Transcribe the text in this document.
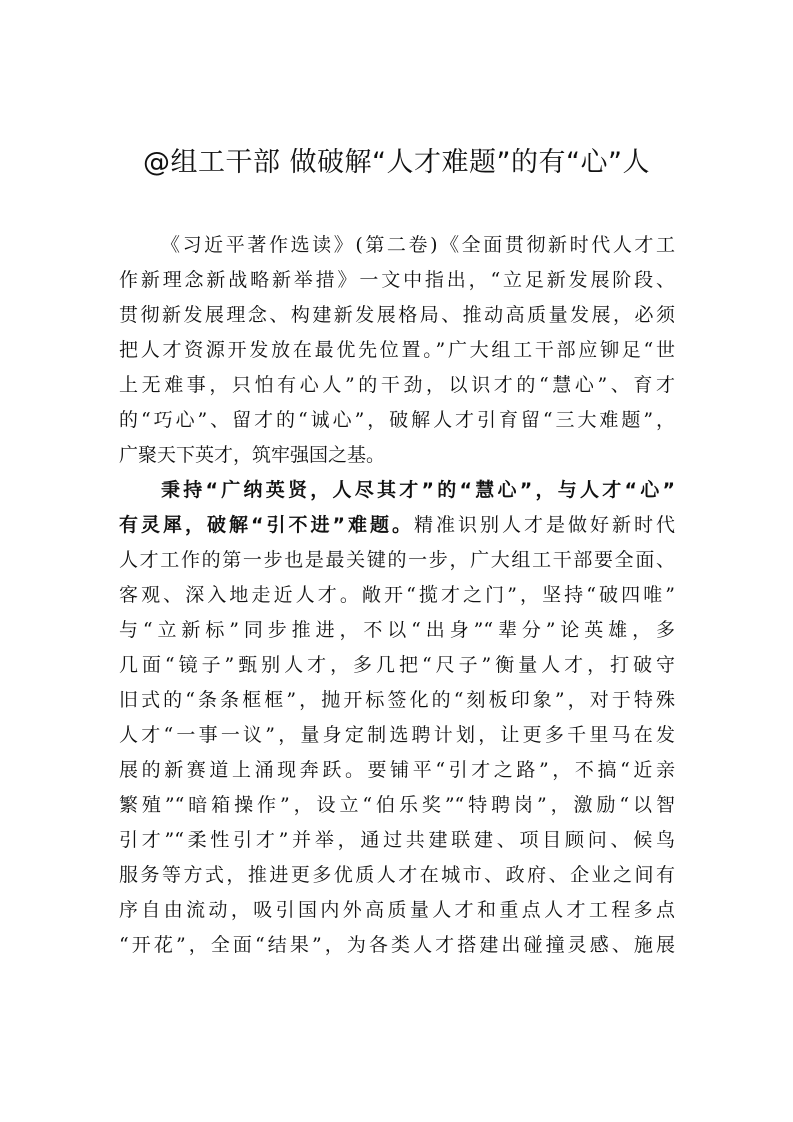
@组工干部 做破解“人才难题”的有“心”人
《习近平著作选读》(第二卷)《全面贯彻新时代人才工
作新理念新战略新举措》一文中指出，“立足新发展阶段、
贯彻新发展理念、构建新发展格局、推动高质量发展，必须
把人才资源开发放在最优先位置。”广大组工干部应铆足“世
上无难事，只怕有心人”的干劲，以识才的“慧心”、育才
的“巧心”、留才的“诚心”，破解人才引育留“三大难题”，
广聚天下英才，筑牢强国之基。
秉持“广纳英贤，人尽其才”的“慧心”，与人才“心”
有灵犀，破解“引不进”难题。精准识别人才是做好新时代
人才工作的第一步也是最关键的一步，广大组工干部要全面、
客观、深入地走近人才。敞开“揽才之门”，坚持“破四唯”
与“立新标”同步推进，不以“出身”“辈分”论英雄，多
几面“镜子”甄别人才，多几把“尺子”衡量人才，打破守
旧式的“条条框框”，抛开标签化的“刻板印象”，对于特殊
人才“一事一议”，量身定制选聘计划，让更多千里马在发
展的新赛道上涌现奔跃。要铺平“引才之路”，不搞“近亲
繁殖”“暗箱操作”，设立“伯乐奖”“特聘岗”，激励“以智
引才”“柔性引才”并举，通过共建联建、项目顾问、候鸟
服务等方式，推进更多优质人才在城市、政府、企业之间有
序自由流动，吸引国内外高质量人才和重点人才工程多点
“开花”，全面“结果”，为各类人才搭建出碰撞灵感、施展
